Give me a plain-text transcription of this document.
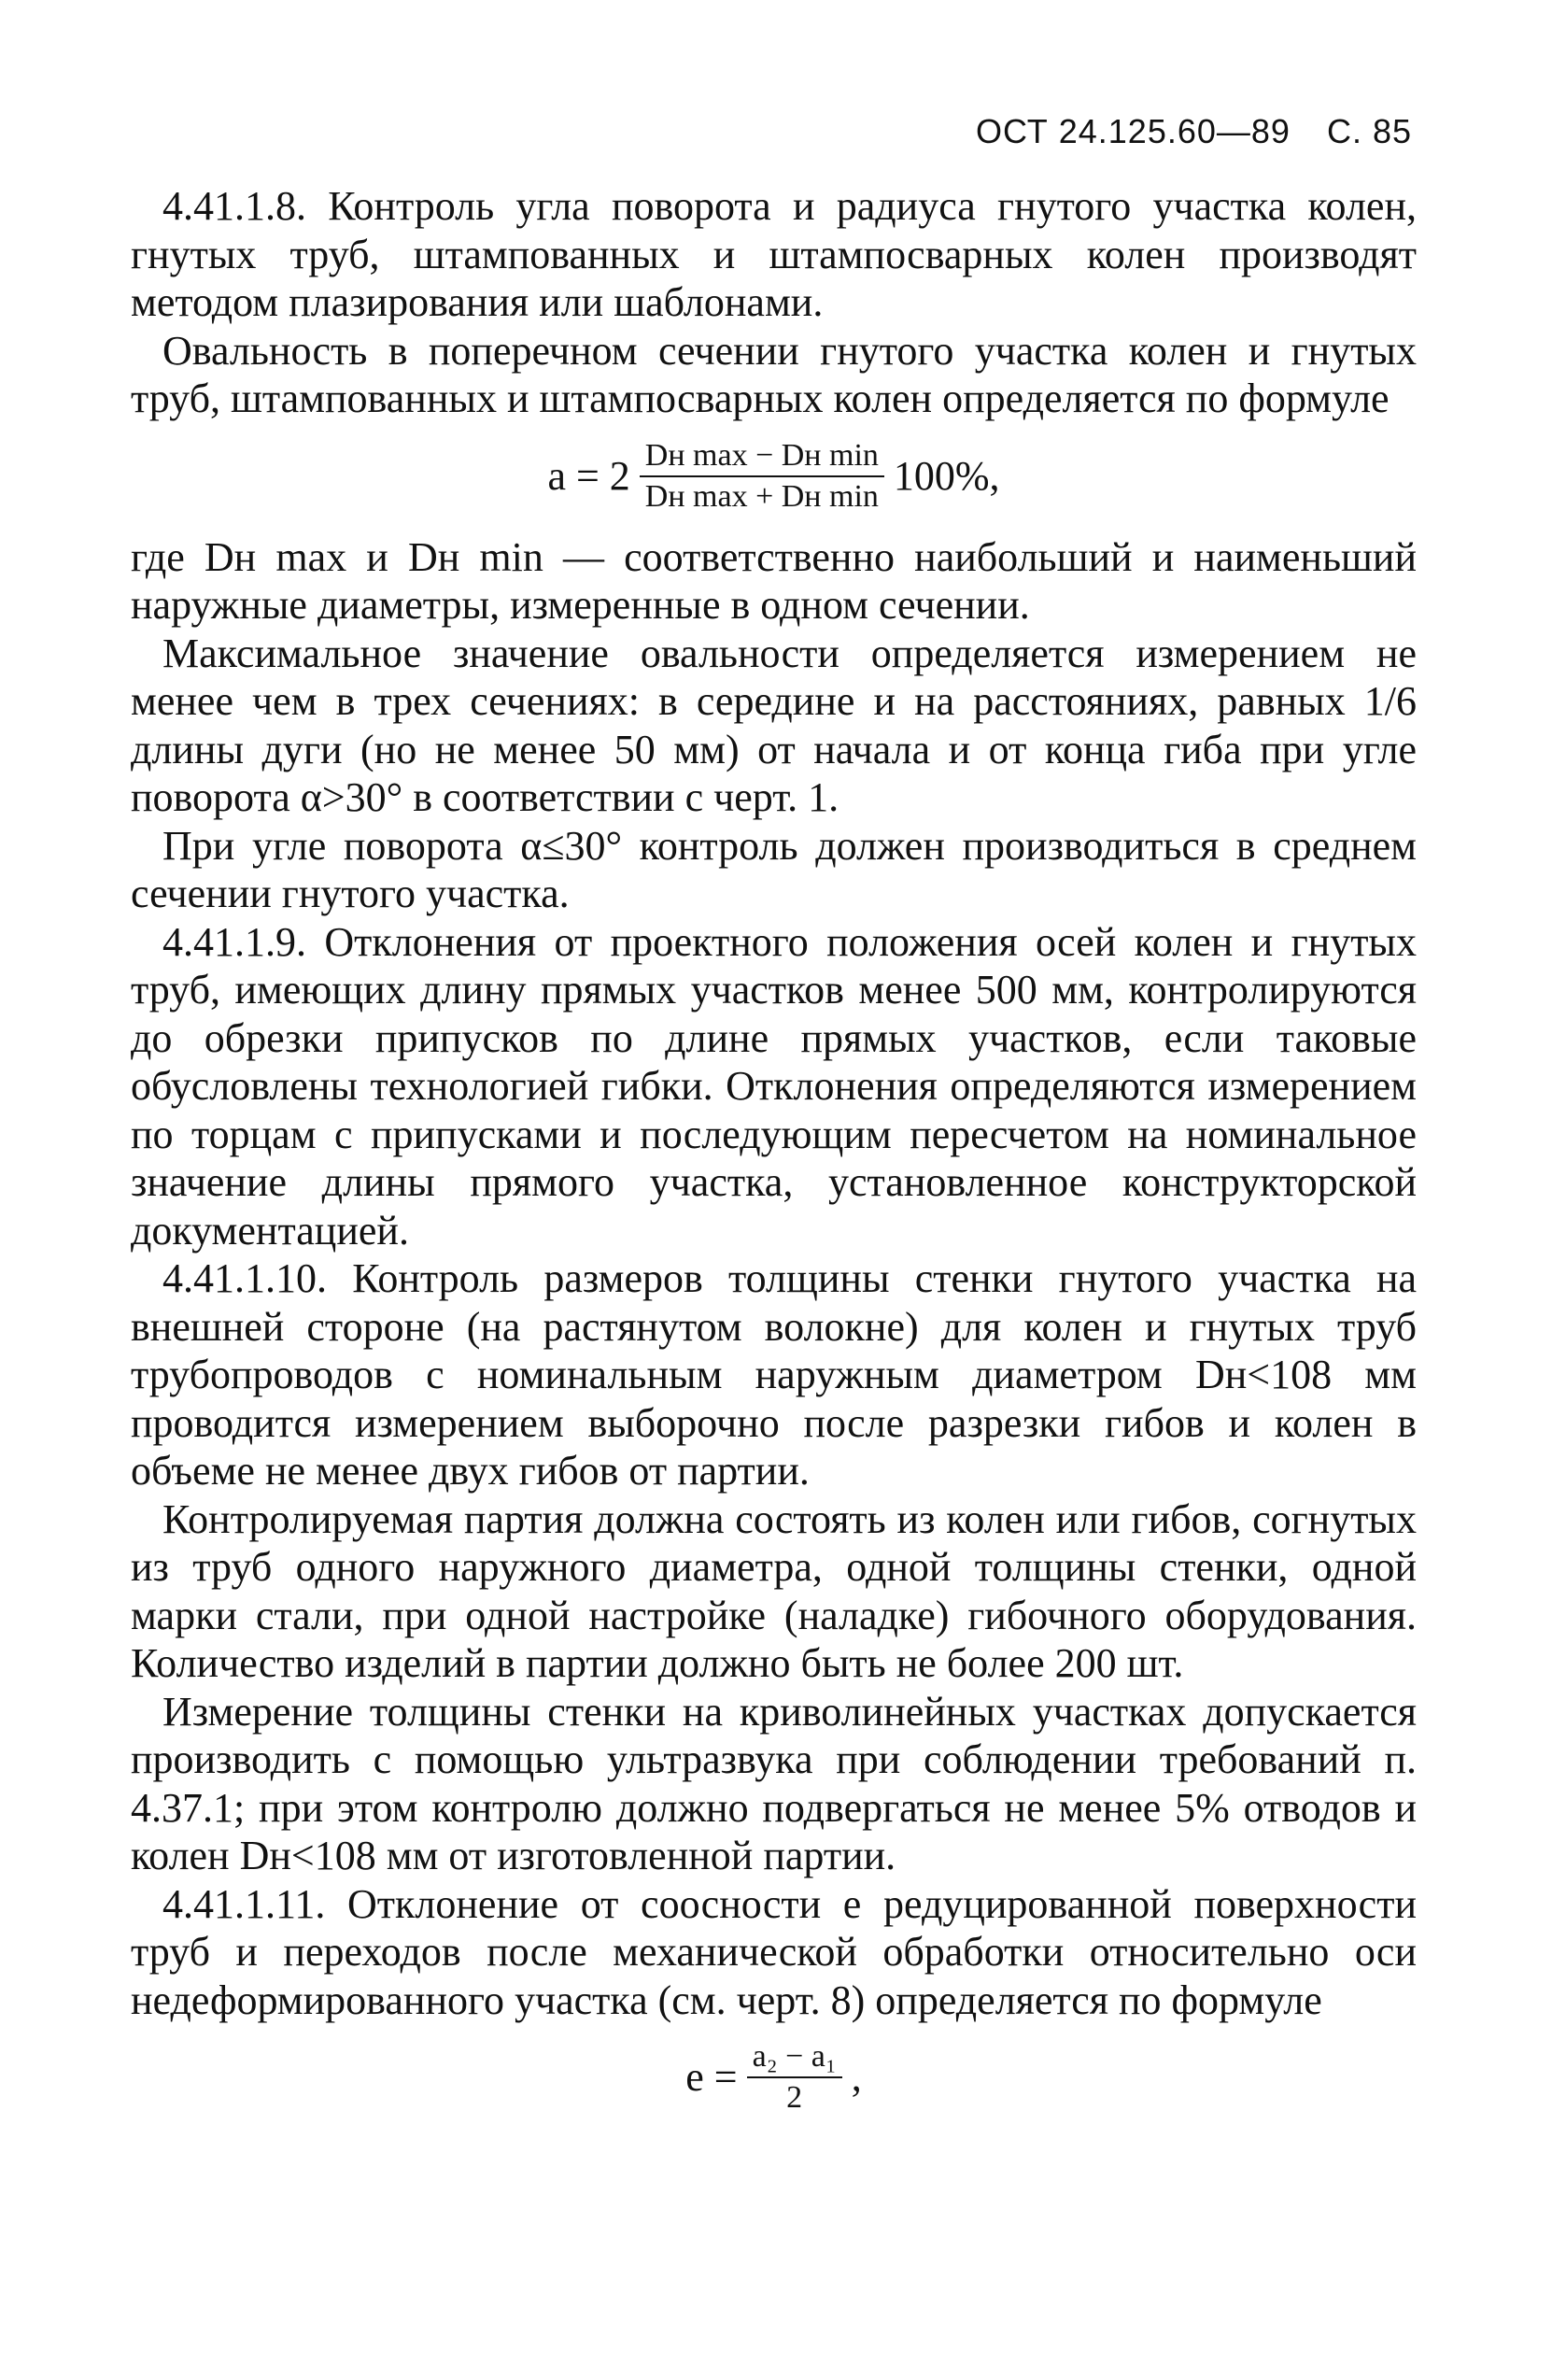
ОСТ 24.125.60—89 С. 85

4.41.1.8. Контроль угла поворота и радиуса гнутого участка колен, гнутых труб, штампованных и штампосварных колен производят методом плазирования или шаблонами.

Овальность в поперечном сечении гнутого участка колен и гнутых труб, штампованных и штампосварных колен определяется по формуле

$a = 2 \frac{\text{Dн max − Dн min}}{\text{Dн max + Dн min}} 100\%$,

где Dн max и Dн min — соответственно наибольший и наименьший наружные диаметры, измеренные в одном сечении.

Максимальное значение овальности определяется измерением не менее чем в трех сечениях: в середине и на расстояниях, равных 1/6 длины дуги (но не менее 50 мм) от начала и от конца гиба при угле поворота α>30° в соответствии с черт. 1.

При угле поворота α≤30° контроль должен производиться в среднем сечении гнутого участка.

4.41.1.9. Отклонения от проектного положения осей колен и гнутых труб, имеющих длину прямых участков менее 500 мм, контролируются до обрезки припусков по длине прямых участков, если таковые обусловлены технологией гибки. Отклонения определяются измерением по торцам с припусками и последующим пересчетом на номинальное значение длины прямого участка, установленное конструкторской документацией.

4.41.1.10. Контроль размеров толщины стенки гнутого участка на внешней стороне (на растянутом волокне) для колен и гнутых труб трубопроводов с номинальным наружным диаметром Dн<108 мм проводится измерением выборочно после разрезки гибов и колен в объеме не менее двух гибов от партии.

Контролируемая партия должна состоять из колен или гибов, согнутых из труб одного наружного диаметра, одной толщины стенки, одной марки стали, при одной настройке (наладке) гибочного оборудования. Количество изделий в партии должно быть не более 200 шт.

Измерение толщины стенки на криволинейных участках допускается производить с помощью ультразвука при соблюдении требований п. 4.37.1; при этом контролю должно подвергаться не менее 5% отводов и колен Dн<108 мм от изготовленной партии.

4.41.1.11. Отклонение от соосности e редуцированной поверхности труб и переходов после механической обработки относительно оси недеформированного участка (см. черт. 8) определяется по формуле

$e = \frac{\text{a₂ − a₁}}{2}$ ,
